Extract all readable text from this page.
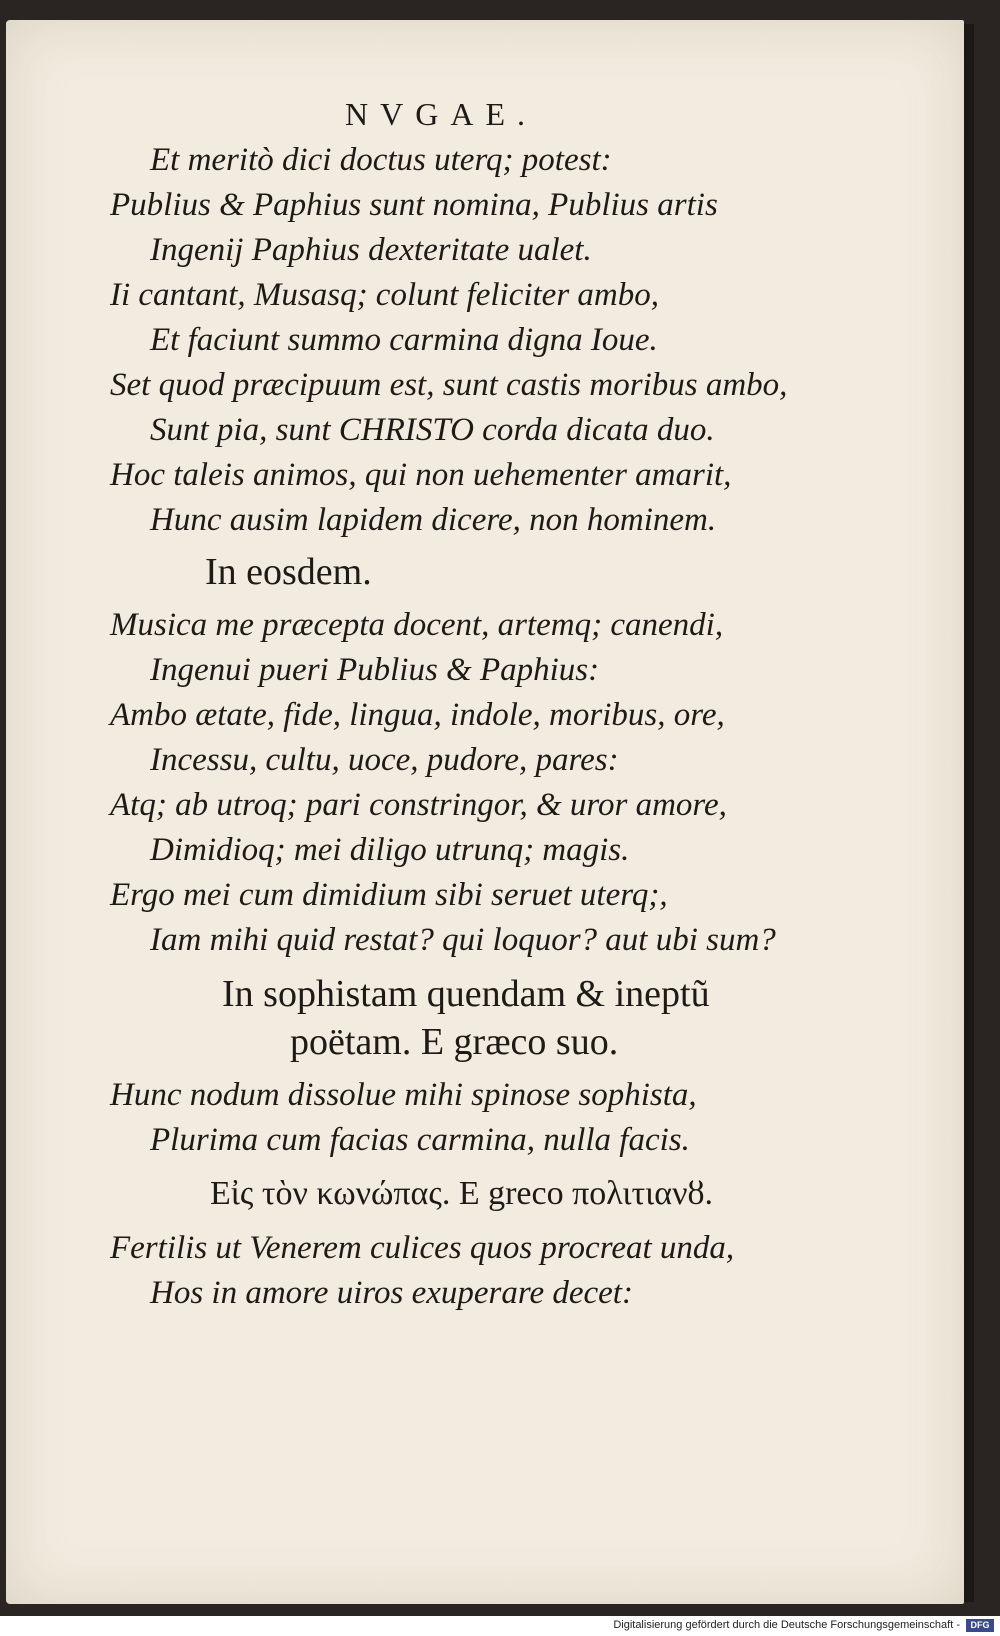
NVGAE.
Et meritò dici doctus uterq; potest:
Publius & Paphius sunt nomina, Publius artis
Ingenij Paphius dexteritate ualet.
Ii cantant, Musasq; colunt feliciter ambo,
Et faciunt summo carmina digna Ioue.
Set quod præcipuum est, sunt castis moribus ambo,
Sunt pia, sunt CHRISTO corda dicata duo.
Hoc taleis animos, qui non uehementer amarit,
Hunc ausim lapidem dicere, non hominem.
In eosdem.
Musica me præcepta docent, artemq; canendi,
Ingenui pueri Publius & Paphius:
Ambo ætate, fide, lingua, indole, moribus, ore,
Incessu, cultu, uoce, pudore, pares:
Atq; ab utroq; pari constringor, & uror amore,
Dimidioq; mei diligo utrunq; magis.
Ergo mei cum dimidium sibi seruet uterq;,
Iam mihi quid restat? qui loquor? aut ubi sum?
In sophistam quendam & ineptũ
poëtam. E græco suo.
Hunc nodum dissolue mihi spinose sophista,
Plurima cum facias carmina, nulla facis.
Εἰς τὸν κωνώπας. E greco πολιτιανȣ.
Fertilis ut Venerem culices quos procreat unda,
Hos in amore uiros exuperare decet:
Digitalisierung gefördert durch die Deutsche Forschungsgemeinschaft -	DFG
